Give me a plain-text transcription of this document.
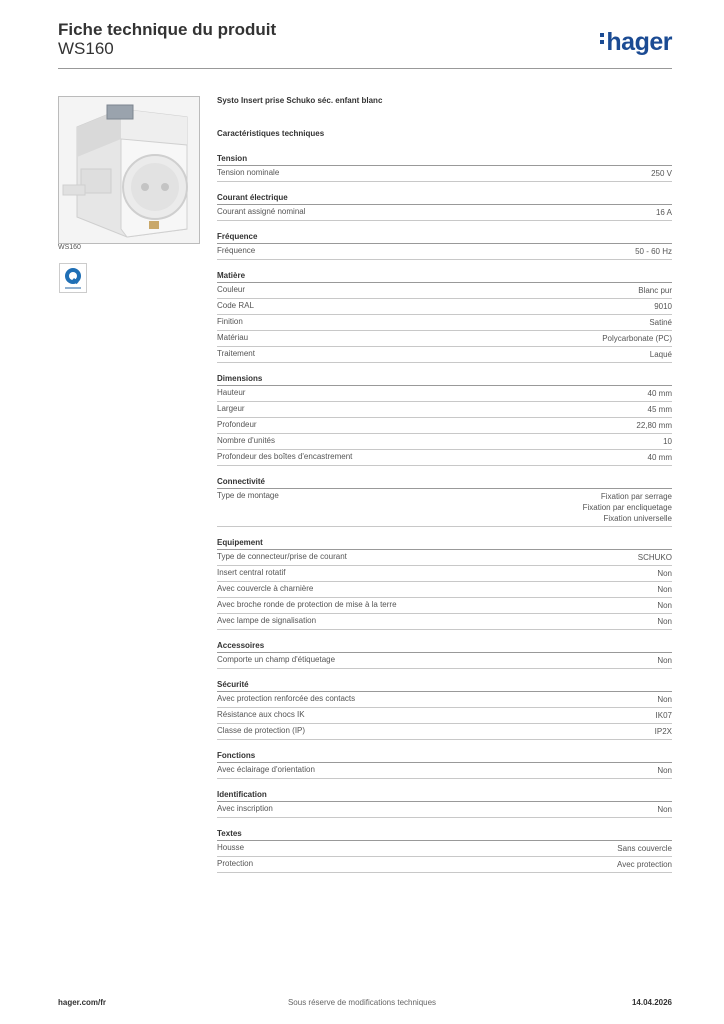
Fiche technique du produit
WS160	hager
WS160
Systo Insert prise Schuko séc. enfant blanc
Caractéristiques techniques
Tension
Tension nominale	250 V
Courant électrique
Courant assigné nominal	16 A
Fréquence
Fréquence	50 - 60 Hz
Matière
Couleur	Blanc pur
Code RAL	9010
Finition	Satiné
Matériau	Polycarbonate (PC)
Traitement	Laqué
Dimensions
Hauteur	40 mm
Largeur	45 mm
Profondeur	22,80 mm
Nombre d'unités	10
Profondeur des boîtes d'encastrement	40 mm
Connectivité
Type de montage	Fixation par serrage
Fixation par encliquetage
Fixation universelle
Equipement
Type de connecteur/prise de courant	SCHUKO
Insert central rotatif	Non
Avec couvercle à charnière	Non
Avec broche ronde de protection de mise à la terre	Non
Avec lampe de signalisation	Non
Accessoires
Comporte un champ d'étiquetage	Non
Sécurité
Avec protection renforcée des contacts	Non
Résistance aux chocs IK	IK07
Classe de protection (IP)	IP2X
Fonctions
Avec éclairage d'orientation	Non
Identification
Avec inscription	Non
Textes
Housse	Sans couvercle
Protection	Avec protection
hager.com/fr	Sous réserve de modifications techniques	14.04.2026
